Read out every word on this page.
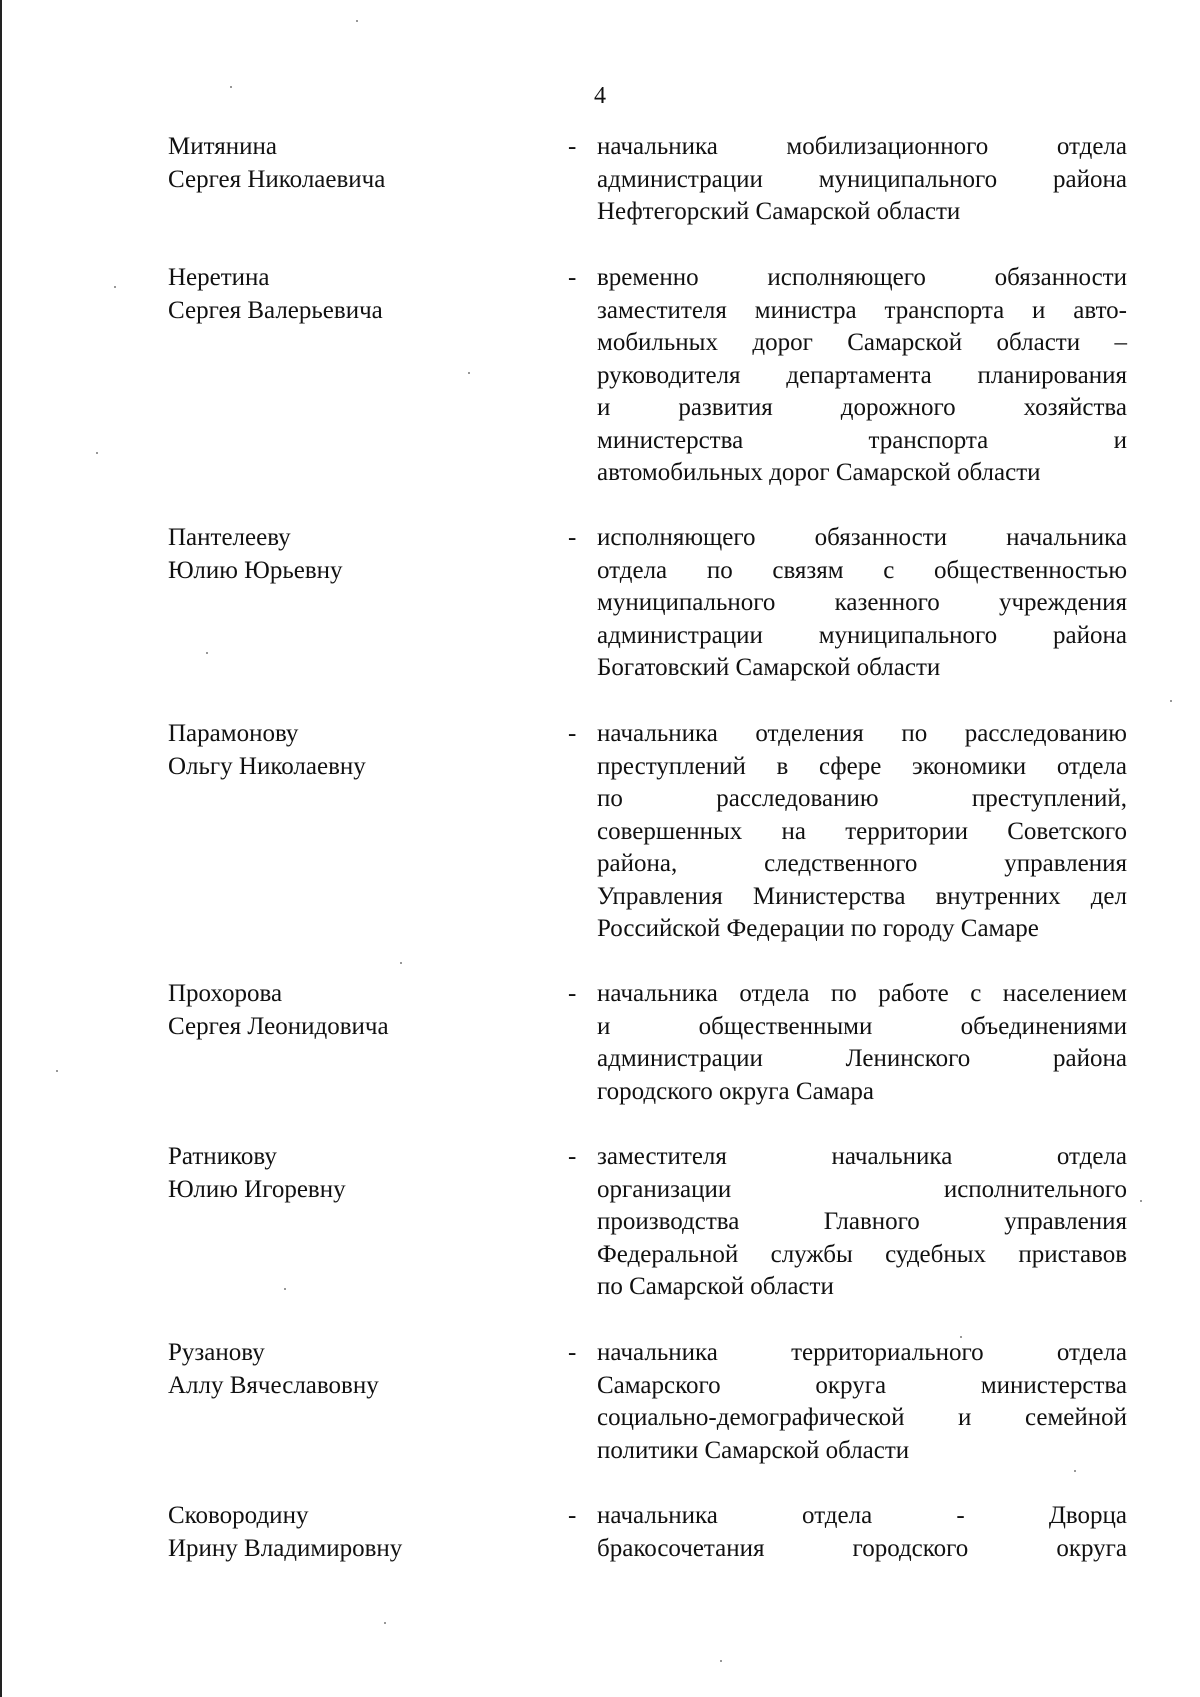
4
Митянина
Сергея Николаевича
- начальника мобилизационного отдела
администрации муниципального района
Нефтегорский Самарской области
Неретина
Сергея Валерьевича
- временно исполняющего обязанности
заместителя министра транспорта и авто-
мобильных дорог Самарской области –
руководителя департамента планирования
и развития дорожного хозяйства
министерства транспорта и
автомобильных дорог Самарской области
Пантелееву
Юлию Юрьевну
- исполняющего обязанности начальника
отдела по связям с общественностью
муниципального казенного учреждения
администрации муниципального района
Богатовский Самарской области
Парамонову
Ольгу Николаевну
- начальника отделения по расследованию
преступлений в сфере экономики отдела
по расследованию преступлений,
совершенных на территории Советского
района, следственного управления
Управления Министерства внутренних дел
Российской Федерации по городу Самаре
Прохорова
Сергея Леонидовича
- начальника отдела по работе с населением
и общественными объединениями
администрации Ленинского района
городского округа Самара
Ратникову
Юлию Игоревну
- заместителя начальника отдела
организации исполнительного
производства Главного управления
Федеральной службы судебных приставов
по Самарской области
Рузанову
Аллу Вячеславовну
- начальника территориального отдела
Самарского округа министерства
социально-демографической и семейной
политики Самарской области
Сковородину
Ирину Владимировну
- начальника отдела - Дворца
бракосочетания городского округа
